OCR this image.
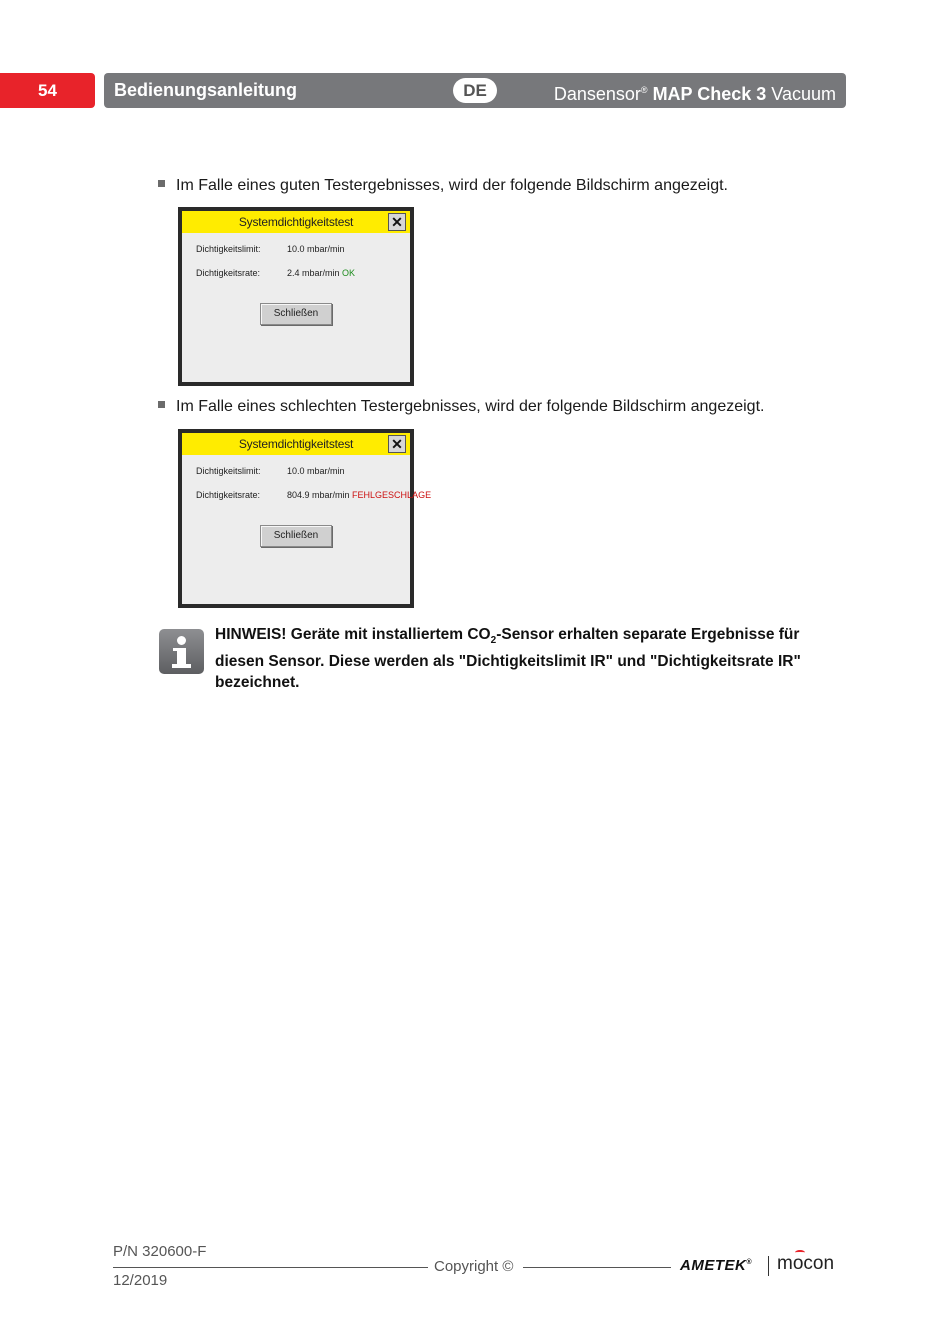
54	Bedienungsanleitung	DE	Dansensor® MAP Check 3 Vacuum
Im Falle eines guten Testergebnisses, wird der folgende Bildschirm angezeigt.
Systemdichtigkeitstest	✕
Dichtigkeitslimit:	10.0 mbar/min
Dichtigkeitsrate:	2.4 mbar/min OK
Schließen
Im Falle eines schlechten Testergebnisses, wird der folgende Bildschirm angezeigt.
Systemdichtigkeitstest	✕
Dichtigkeitslimit:	10.0 mbar/min
Dichtigkeitsrate:	804.9 mbar/min FEHLGESCHLAGE
Schließen
HINWEIS! Geräte mit installiertem $CO_2$-Sensor erhalten separate Ergebnisse für diesen Sensor. Diese werden als "Dichtigkeitslimit IR" und "Dichtigkeitsrate IR" bezeichnet.
P/N 320600-F
12/2019
Copyright ©	AMETEK® mocon
